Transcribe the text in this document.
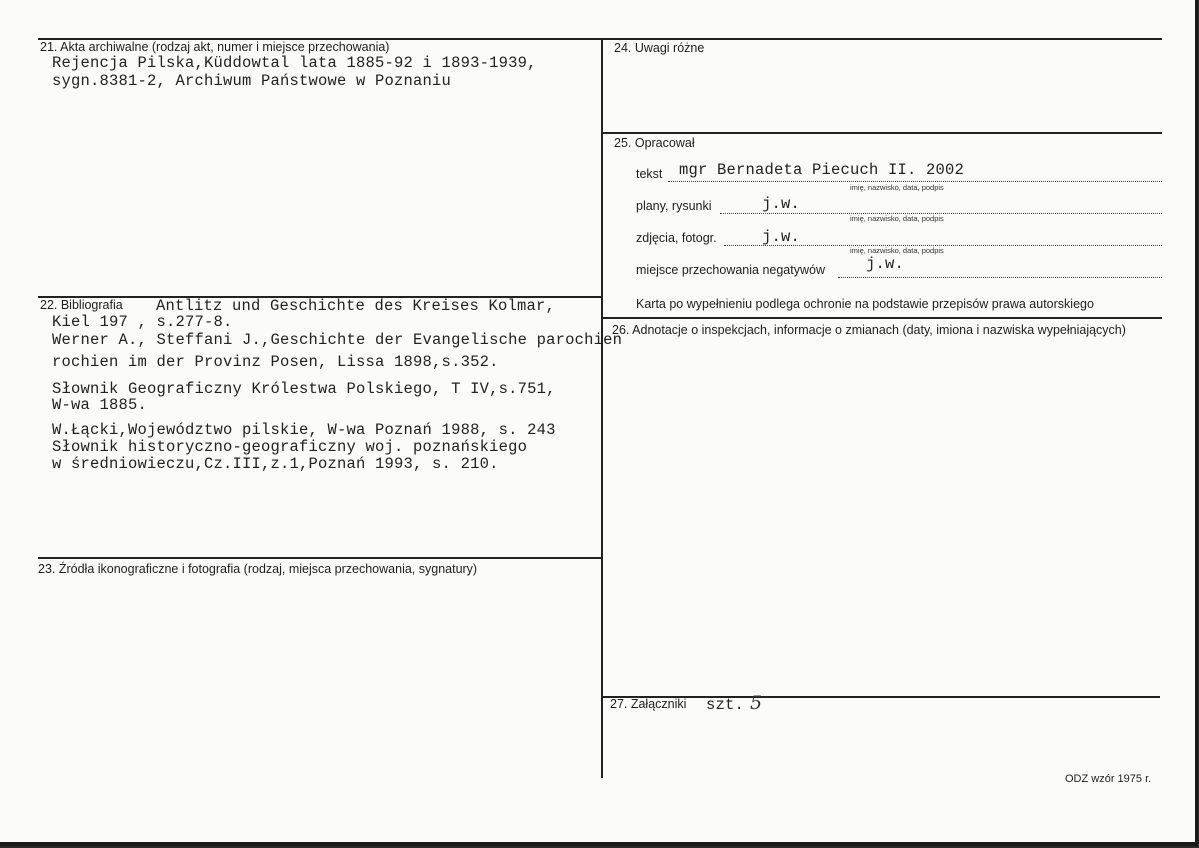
21. Akta archiwalne (rodzaj akt, numer i miejsce przechowania)
Rejencja Pilska,Küddowtal lata 1885-92 i 1893-1939,
sygn.8381-2, Archiwum Państwowe w Poznaniu
22. Bibliografia Antlitz und Geschichte des Kreises Kolmar,
Kiel 197 , s.277-8.
Werner A., Steffani J.,Geschichte der Evangelische parochien
rochien im der Provinz Posen, Lissa 1898,s.352.
Słownik Geograficzny Królestwa Polskiego, T IV,s.751,
W-wa 1885.
W.Łącki,Województwo pilskie, W-wa Poznań 1988, s. 243
Słownik historyczno-geograficzny woj. poznańskiego
w średniowieczu,Cz.III,z.1,Poznań 1993, s. 210.
23. Źródła ikonograficzne i fotografia (rodzaj, miejsca przechowania, sygnatury)
24. Uwagi różne
25. Opracował
tekst mgr Bernadeta Piecuch II. 2002
imię, nazwisko, data, podpis
plany, rysunki	j.w.
imię, nazwisko, data, podpis
zdjęcia, fotogr.	j.w.
imię, nazwisko, data, podpis
miejsce przechowania negatywów	j.w.
Karta po wypełnieniu podlega ochronie na podstawie przepisów prawa autorskiego
26. Adnotacje o inspekcjach, informacje o zmianach (daty, imiona i nazwiska wypełniających)
27. Załączniki szt. 5
ODZ wzór 1975 r.
